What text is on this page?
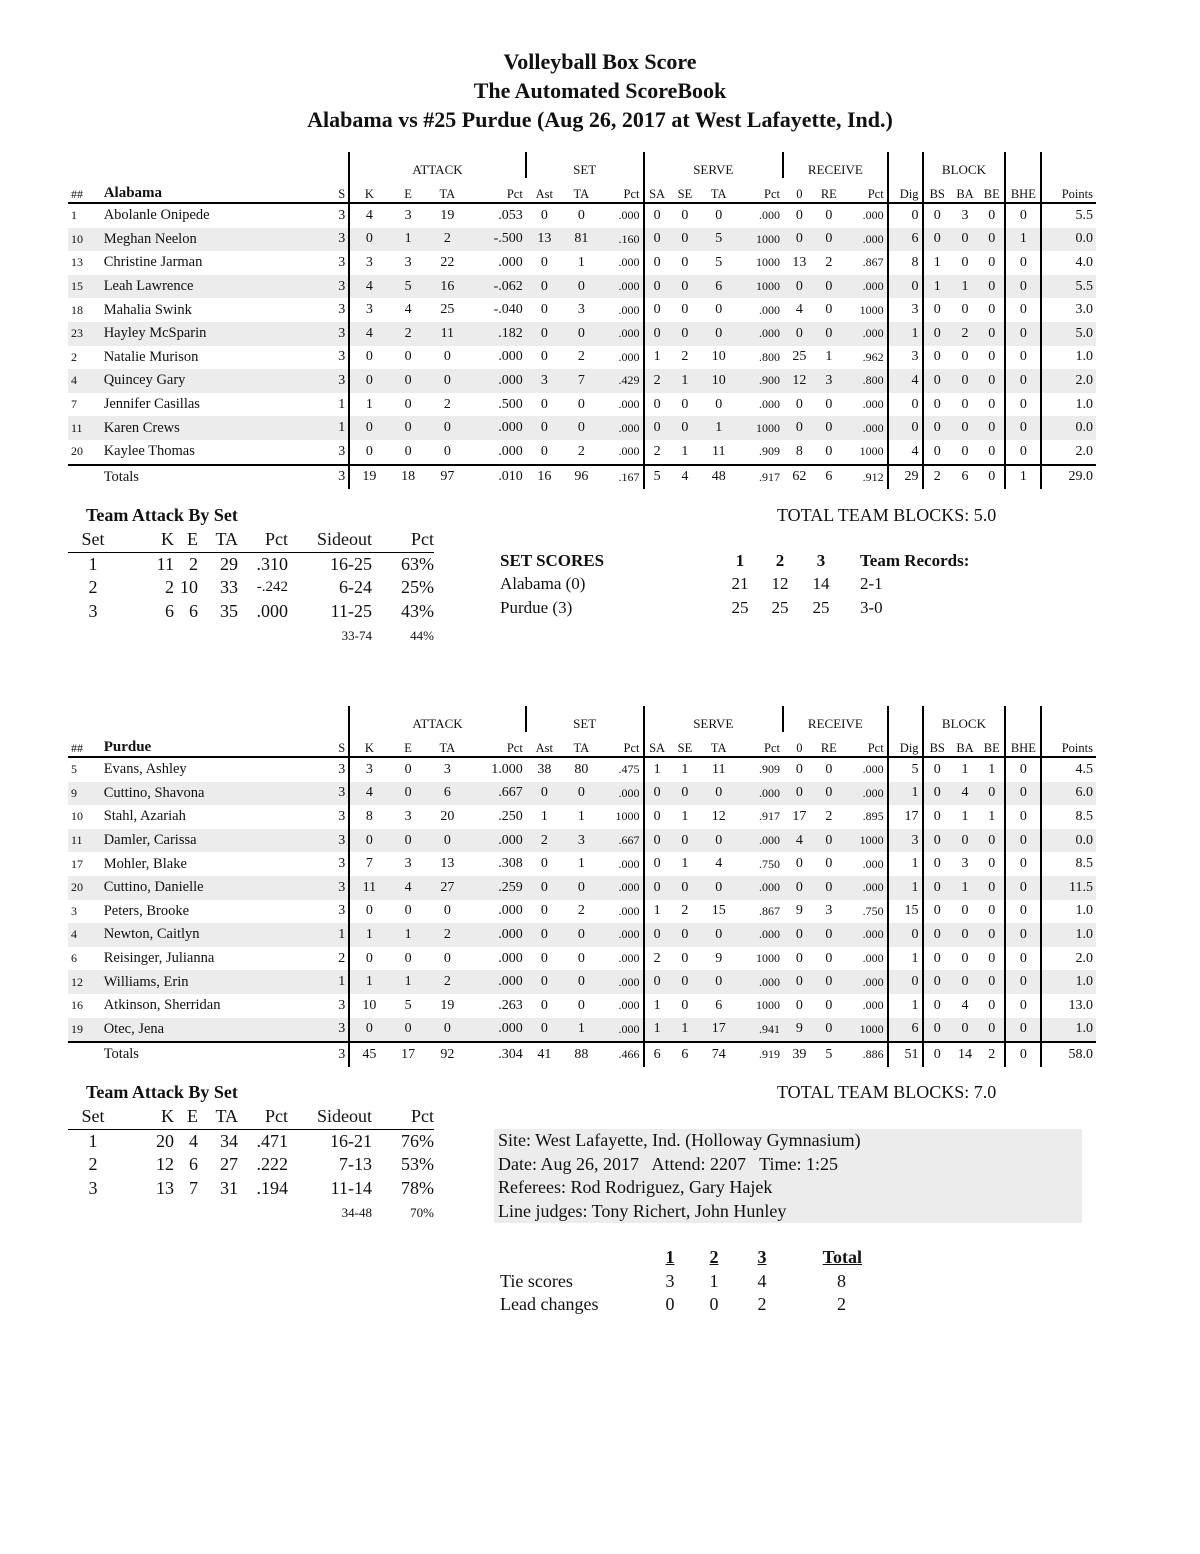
Volleyball Box Score
The Automated ScoreBook
Alabama vs #25 Purdue (Aug 26, 2017 at West Lafayette, Ind.)
			ATTACK				SET			SERVE				RECEIVE				BLOCK				
##	Alabama	S	K	E	TA	Pct	Ast	TA	Pct	SA	SE	TA	Pct	0	RE	Pct	Dig	BS	BA	BE	BHE	Points
1	Abolanle Onipede	3	4	3	19	.053	0	0	.000	0	0	0	.000	0	0	.000	0	0	3	0	0	5.5
10	Meghan Neelon	3	0	1	2	-.500	13	81	.160	0	0	5	1000	0	0	.000	6	0	0	0	1	0.0
13	Christine Jarman	3	3	3	22	.000	0	1	.000	0	0	5	1000	13	2	.867	8	1	0	0	0	4.0
15	Leah Lawrence	3	4	5	16	-.062	0	0	.000	0	0	6	1000	0	0	.000	0	1	1	0	0	5.5
18	Mahalia Swink	3	3	4	25	-.040	0	3	.000	0	0	0	.000	4	0	1000	3	0	0	0	0	3.0
23	Hayley McSparin	3	4	2	11	.182	0	0	.000	0	0	0	.000	0	0	.000	1	0	2	0	0	5.0
2	Natalie Murison	3	0	0	0	.000	0	2	.000	1	2	10	.800	25	1	.962	3	0	0	0	0	1.0
4	Quincey Gary	3	0	0	0	.000	3	7	.429	2	1	10	.900	12	3	.800	4	0	0	0	0	2.0
7	Jennifer Casillas	1	1	0	2	.500	0	0	.000	0	0	0	.000	0	0	.000	0	0	0	0	0	1.0
11	Karen Crews	1	0	0	0	.000	0	0	.000	0	0	1	1000	0	0	.000	0	0	0	0	0	0.0
20	Kaylee Thomas	3	0	0	0	.000	0	2	.000	2	1	11	.909	8	0	1000	4	0	0	0	0	2.0
	Totals	3	19	18	97	.010	16	96	.167	5	4	48	.917	62	6	.912	29	2	6	0	1	29.0
Team Attack By Set
Set	K	E	TA	Pct	Sideout	Pct
1	11	2	29	.310	16-25	63%
2	2	10	33	-.242	6-24	25%
3	6	6	35	.000	11-25	43%
					33-74	44%
TOTAL TEAM BLOCKS: 5.0
SET SCORES	1	2	3	Team Records:
Alabama (0)	21	12	14	2-1
Purdue (3)	25	25	25	3-0
			ATTACK				SET			SERVE				RECEIVE				BLOCK				
##	Purdue	S	K	E	TA	Pct	Ast	TA	Pct	SA	SE	TA	Pct	0	RE	Pct	Dig	BS	BA	BE	BHE	Points
5	Evans, Ashley	3	3	0	3	1.000	38	80	.475	1	1	11	.909	0	0	.000	5	0	1	1	0	4.5
9	Cuttino, Shavona	3	4	0	6	.667	0	0	.000	0	0	0	.000	0	0	.000	1	0	4	0	0	6.0
10	Stahl, Azariah	3	8	3	20	.250	1	1	1000	0	1	12	.917	17	2	.895	17	0	1	1	0	8.5
11	Damler, Carissa	3	0	0	0	.000	2	3	.667	0	0	0	.000	4	0	1000	3	0	0	0	0	0.0
17	Mohler, Blake	3	7	3	13	.308	0	1	.000	0	1	4	.750	0	0	.000	1	0	3	0	0	8.5
20	Cuttino, Danielle	3	11	4	27	.259	0	0	.000	0	0	0	.000	0	0	.000	1	0	1	0	0	11.5
3	Peters, Brooke	3	0	0	0	.000	0	2	.000	1	2	15	.867	9	3	.750	15	0	0	0	0	1.0
4	Newton, Caitlyn	1	1	1	2	.000	0	0	.000	0	0	0	.000	0	0	.000	0	0	0	0	0	1.0
6	Reisinger, Julianna	2	0	0	0	.000	0	0	.000	2	0	9	1000	0	0	.000	1	0	0	0	0	2.0
12	Williams, Erin	1	1	1	2	.000	0	0	.000	0	0	0	.000	0	0	.000	0	0	0	0	0	1.0
16	Atkinson, Sherridan	3	10	5	19	.263	0	0	.000	1	0	6	1000	0	0	.000	1	0	4	0	0	13.0
19	Otec, Jena	3	0	0	0	.000	0	1	.000	1	1	17	.941	9	0	1000	6	0	0	0	0	1.0
	Totals	3	45	17	92	.304	41	88	.466	6	6	74	.919	39	5	.886	51	0	14	2	0	58.0
Team Attack By Set
Set	K	E	TA	Pct	Sideout	Pct
1	20	4	34	.471	16-21	76%
2	12	6	27	.222	7-13	53%
3	13	7	31	.194	11-14	78%
					34-48	70%
TOTAL TEAM BLOCKS: 7.0
Site: West Lafayette, Ind. (Holloway Gymnasium)
Date: Aug 26, 2017   Attend: 2207   Time: 1:25
Referees: Rod Rodriguez, Gary Hajek
Line judges: Tony Richert, John Hunley
	1	2	3	Total
Tie scores	3	1	4	8
Lead changes	0	0	2	2
